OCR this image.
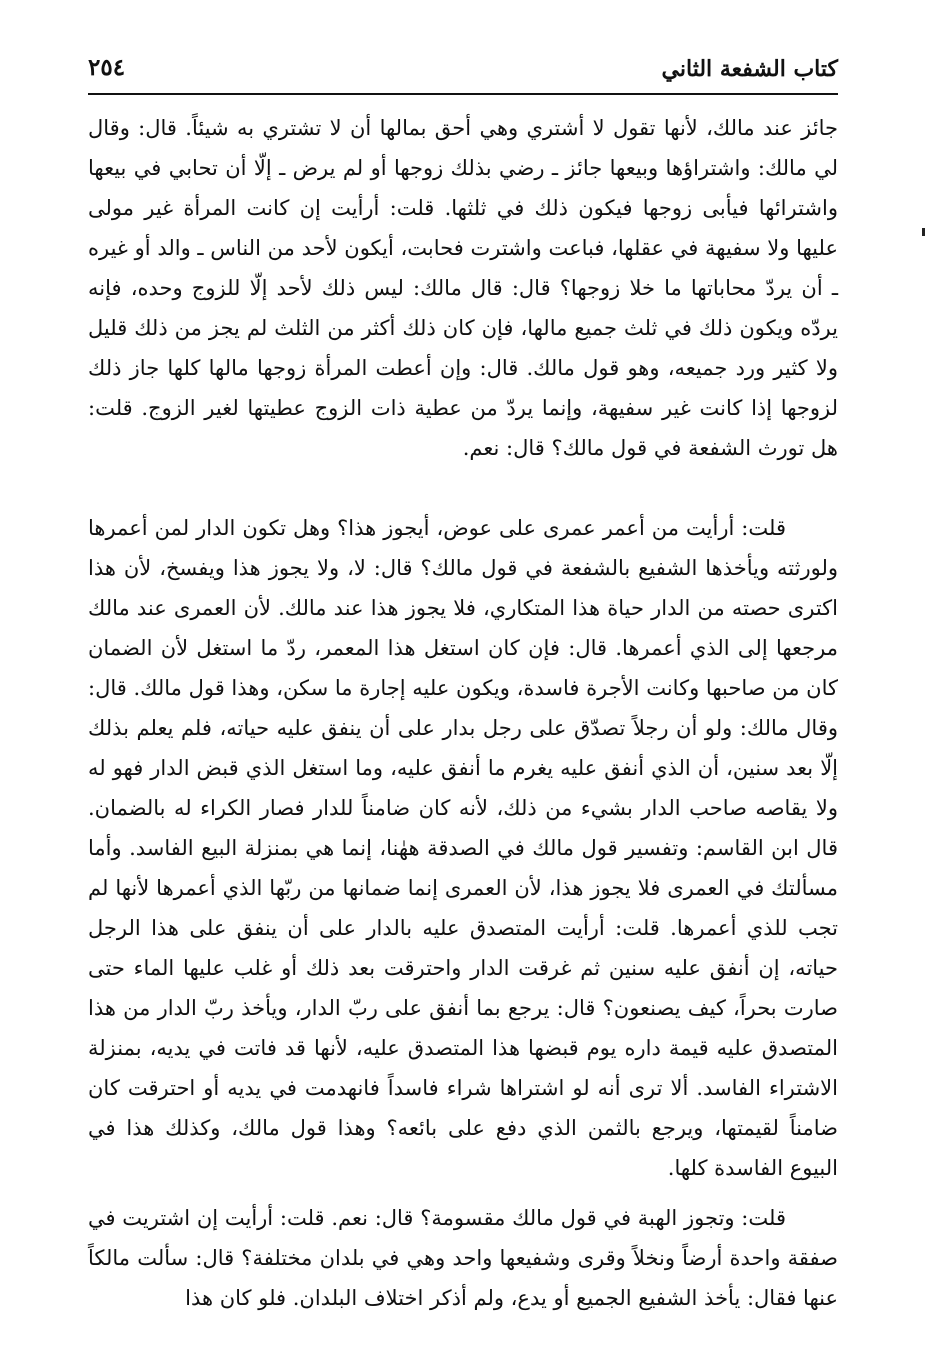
كتاب الشفعة الثاني
٢٥٤

جائز عند مالك، لأنها تقول لا أشتري وهي أحق بمالها أن لا تشتري به شيئاً. قال: وقال لي مالك: واشتراؤها وبيعها جائز ـ رضي بذلك زوجها أو لم يرض ـ إلّا أن تحابي في بيعها واشترائها فيأبى زوجها فيكون ذلك في ثلثها. قلت: أرأيت إن كانت المرأة غير مولى عليها ولا سفيهة في عقلها، فباعت واشترت فحابت، أيكون لأحد من الناس ـ والد أو غيره ـ أن يردّ محاباتها ما خلا زوجها؟ قال: قال مالك: ليس ذلك لأحد إلّا للزوج وحده، فإنه يردّه ويكون ذلك في ثلث جميع مالها، فإن كان ذلك أكثر من الثلث لم يجز من ذلك قليل ولا كثير ورد جميعه، وهو قول مالك. قال: وإن أعطت المرأة زوجها مالها كلها جاز ذلك لزوجها إذا كانت غير سفيهة، وإنما يردّ من عطية ذات الزوج عطيتها لغير الزوج. قلت: هل تورث الشفعة في قول مالك؟ قال: نعم.

قلت: أرأيت من أعمر عمرى على عوض، أيجوز هذا؟ وهل تكون الدار لمن أعمرها ولورثته ويأخذها الشفيع بالشفعة في قول مالك؟ قال: لا، ولا يجوز هذا ويفسخ، لأن هذا اكترى حصته من الدار حياة هذا المتكاري، فلا يجوز هذا عند مالك. لأن العمرى عند مالك مرجعها إلى الذي أعمرها. قال: فإن كان استغل هذا المعمر، ردّ ما استغل لأن الضمان كان من صاحبها وكانت الأجرة فاسدة، ويكون عليه إجارة ما سكن، وهذا قول مالك. قال: وقال مالك: ولو أن رجلاً تصدّق على رجل بدار على أن ينفق عليه حياته، فلم يعلم بذلك إلّا بعد سنين، أن الذي أنفق عليه يغرم ما أنفق عليه، وما استغل الذي قبض الدار فهو له ولا يقاصه صاحب الدار بشيء من ذلك، لأنه كان ضامناً للدار فصار الكراء له بالضمان. قال ابن القاسم: وتفسير قول مالك في الصدقة ههٰنا، إنما هي بمنزلة البيع الفاسد. وأما مسألتك في العمرى فلا يجوز هذا، لأن العمرى إنما ضمانها من ربّها الذي أعمرها لأنها لم تجب للذي أعمرها. قلت: أرأيت المتصدق عليه بالدار على أن ينفق على هذا الرجل حياته، إن أنفق عليه سنين ثم غرقت الدار واحترقت بعد ذلك أو غلب عليها الماء حتى صارت بحراً، كيف يصنعون؟ قال: يرجع بما أنفق على ربّ الدار، ويأخذ ربّ الدار من هذا المتصدق عليه قيمة داره يوم قبضها هذا المتصدق عليه، لأنها قد فاتت في يديه، بمنزلة الاشتراء الفاسد. ألا ترى أنه لو اشتراها شراء فاسداً فانهدمت في يديه أو احترقت كان ضامناً لقيمتها، ويرجع بالثمن الذي دفع على بائعه؟ وهذا قول مالك، وكذلك هذا في البيوع الفاسدة كلها.

قلت: وتجوز الهبة في قول مالك مقسومة؟ قال: نعم. قلت: أرأيت إن اشتريت في صفقة واحدة أرضاً ونخلاً وقرى وشفيعها واحد وهي في بلدان مختلفة؟ قال: سألت مالكاً عنها فقال: يأخذ الشفيع الجميع أو يدع، ولم أذكر اختلاف البلدان. فلو كان هذا
